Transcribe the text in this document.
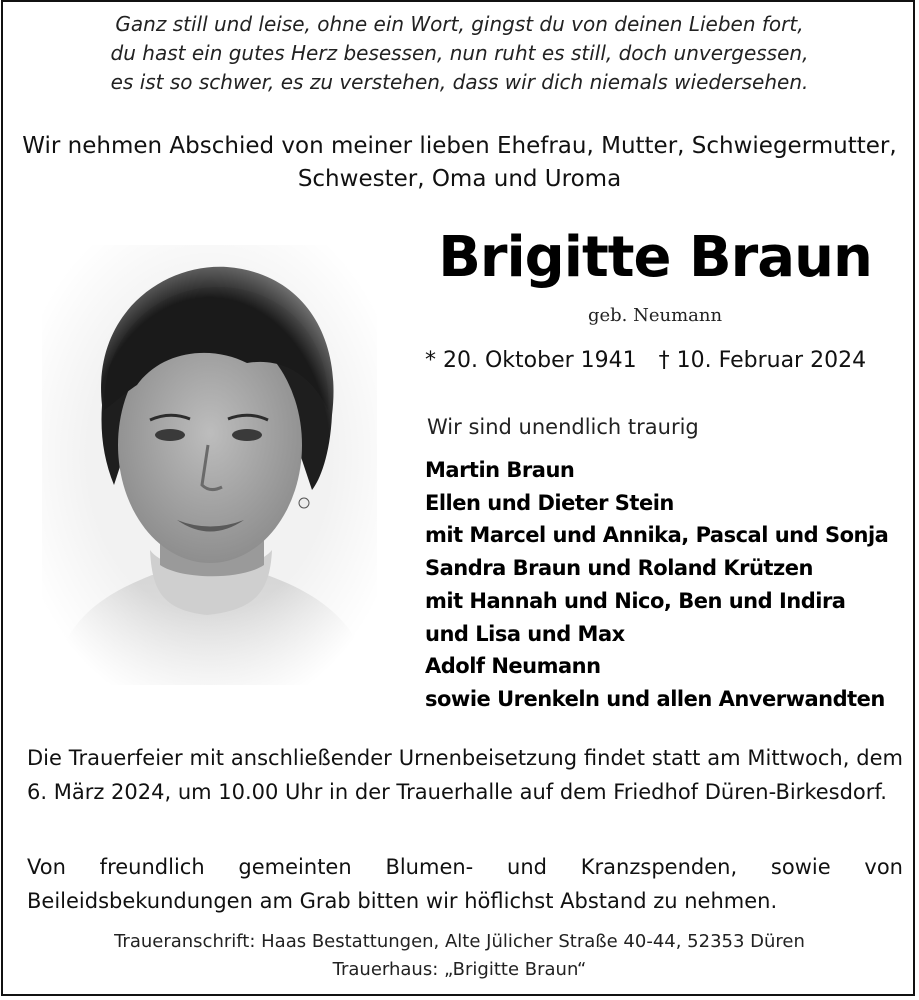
Ganz still und leise, ohne ein Wort, gingst du von deinen Lieben fort,
du hast ein gutes Herz besessen, nun ruht es still, doch unvergessen,
es ist so schwer, es zu verstehen, dass wir dich niemals wiedersehen.
Wir nehmen Abschied von meiner lieben Ehefrau, Mutter, Schwiegermutter,
Schwester, Oma und Uroma
Brigitte Braun
geb. Neumann
* 20. Oktober 1941 † 10. Februar 2024
Wir sind unendlich traurig
Martin Braun
Ellen und Dieter Stein
mit Marcel und Annika, Pascal und Sonja
Sandra Braun und Roland Krützen
mit Hannah und Nico, Ben und Indira
und Lisa und Max
Adolf Neumann
sowie Urenkeln und allen Anverwandten
Die Trauerfeier mit anschließender Urnenbeisetzung findet statt am Mittwoch, dem 6. März 2024, um 10.00 Uhr in der Trauerhalle auf dem Friedhof Düren-Birkesdorf.
Von freundlich gemeinten Blumen- und Kranzspenden, sowie von Beileidsbekundungen am Grab bitten wir höflichst Abstand zu nehmen.
Traueranschrift: Haas Bestattungen, Alte Jülicher Straße 40-44, 52353 Düren
Trauerhaus: „Brigitte Braun“
